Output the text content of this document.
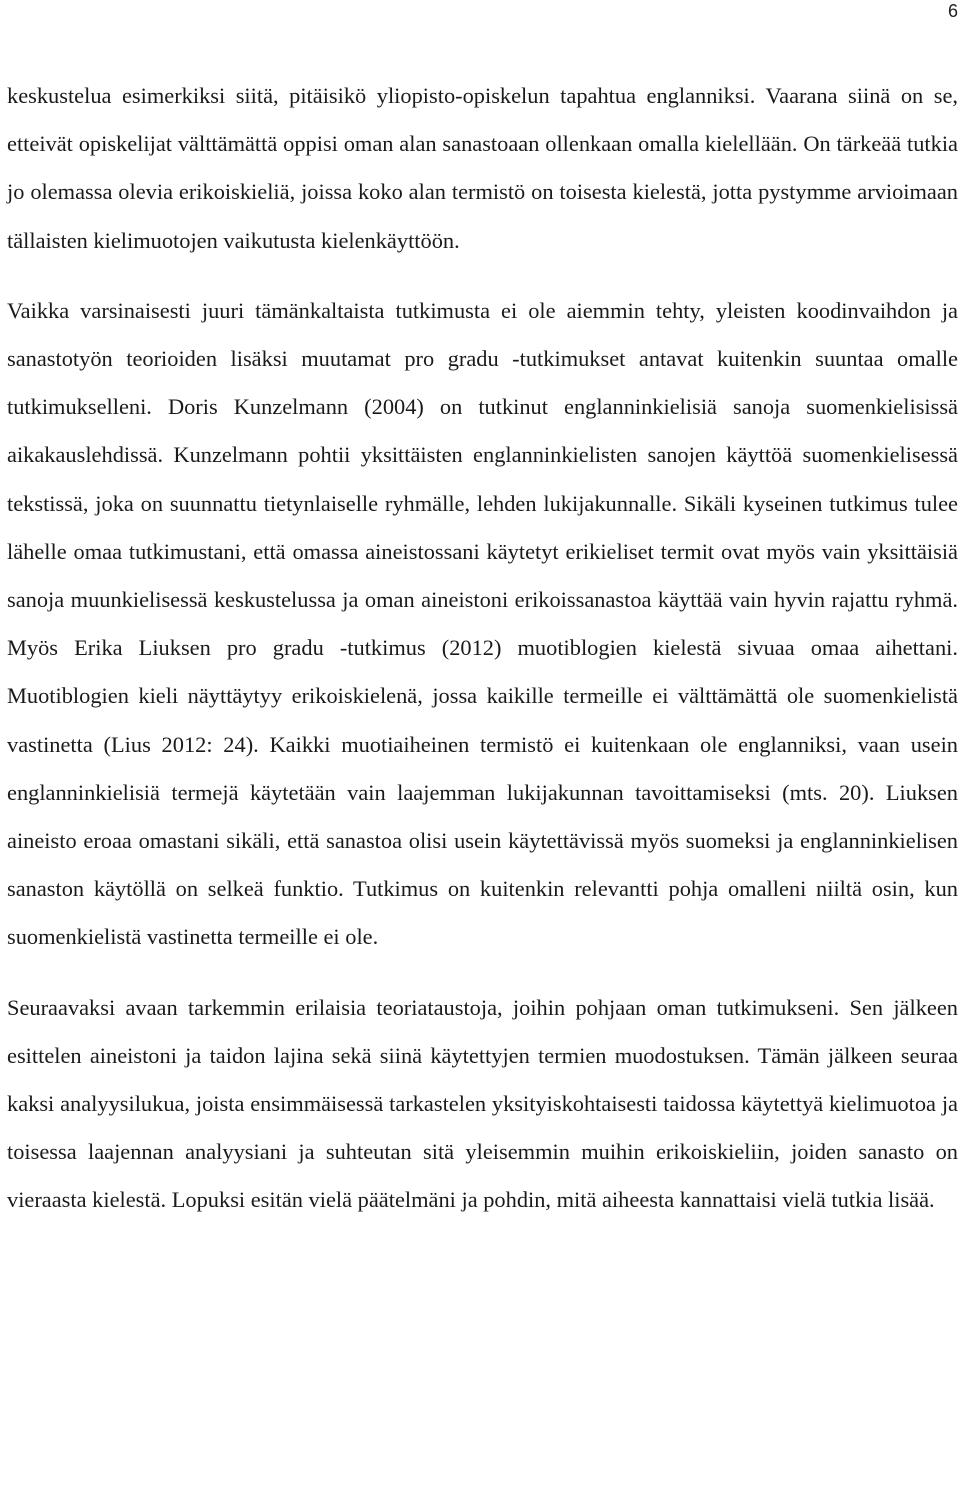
6

keskustelua esimerkiksi siitä, pitäisikö yliopisto-opiskelun tapahtua englanniksi. Vaarana siinä on se, etteivät opiskelijat välttämättä oppisi oman alan sanastoaan ollenkaan omalla kielellään. On tärkeää tutkia jo olemassa olevia erikoiskieliä, joissa koko alan termistö on toisesta kielestä, jotta pystymme arvioimaan tällaisten kielimuotojen vaikutusta kielenkäyttöön.

Vaikka varsinaisesti juuri tämänkaltaista tutkimusta ei ole aiemmin tehty, yleisten koodinvaihdon ja sanastotyön teorioiden lisäksi muutamat pro gradu -tutkimukset antavat kuitenkin suuntaa omalle tutkimukselleni. Doris Kunzelmann (2004) on tutkinut englanninkielisiä sanoja suomenkielisissä aikakauslehdissä. Kunzelmann pohtii yksittäisten englanninkielisten sanojen käyttöä suomenkielisessä tekstissä, joka on suunnattu tietynlaiselle ryhmälle, lehden lukijakunnalle. Sikäli kyseinen tutkimus tulee lähelle omaa tutkimustani, että omassa aineistossani käytetyt erikieliset termit ovat myös vain yksittäisiä sanoja muunkielisessä keskustelussa ja oman aineistoni erikoissanastoa käyttää vain hyvin rajattu ryhmä. Myös Erika Liuksen pro gradu -tutkimus (2012) muotiblogien kielestä sivuaa omaa aihettani. Muotiblogien kieli näyttäytyy erikoiskielenä, jossa kaikille termeille ei välttämättä ole suomenkielistä vastinetta (Lius 2012: 24). Kaikki muotiaiheinen termistö ei kuitenkaan ole englanniksi, vaan usein englanninkielisiä termejä käytetään vain laajemman lukijakunnan tavoittamiseksi (mts. 20). Liuksen aineisto eroaa omastani sikäli, että sanastoa olisi usein käytettävissä myös suomeksi ja englanninkielisen sanaston käytöllä on selkeä funktio. Tutkimus on kuitenkin relevantti pohja omalleni niiltä osin, kun suomenkielistä vastinetta termeille ei ole.

Seuraavaksi avaan tarkemmin erilaisia teoriataustoja, joihin pohjaan oman tutkimukseni. Sen jälkeen esittelen aineistoni ja taidon lajina sekä siinä käytettyjen termien muodostuksen. Tämän jälkeen seuraa kaksi analyysilukua, joista ensimmäisessä tarkastelen yksityiskohtaisesti taidossa käytettyä kielimuotoa ja toisessa laajennan analyysiani ja suhteutan sitä yleisemmin muihin erikoiskieliin, joiden sanasto on vieraasta kielestä. Lopuksi esitän vielä päätelmäni ja pohdin, mitä aiheesta kannattaisi vielä tutkia lisää.
